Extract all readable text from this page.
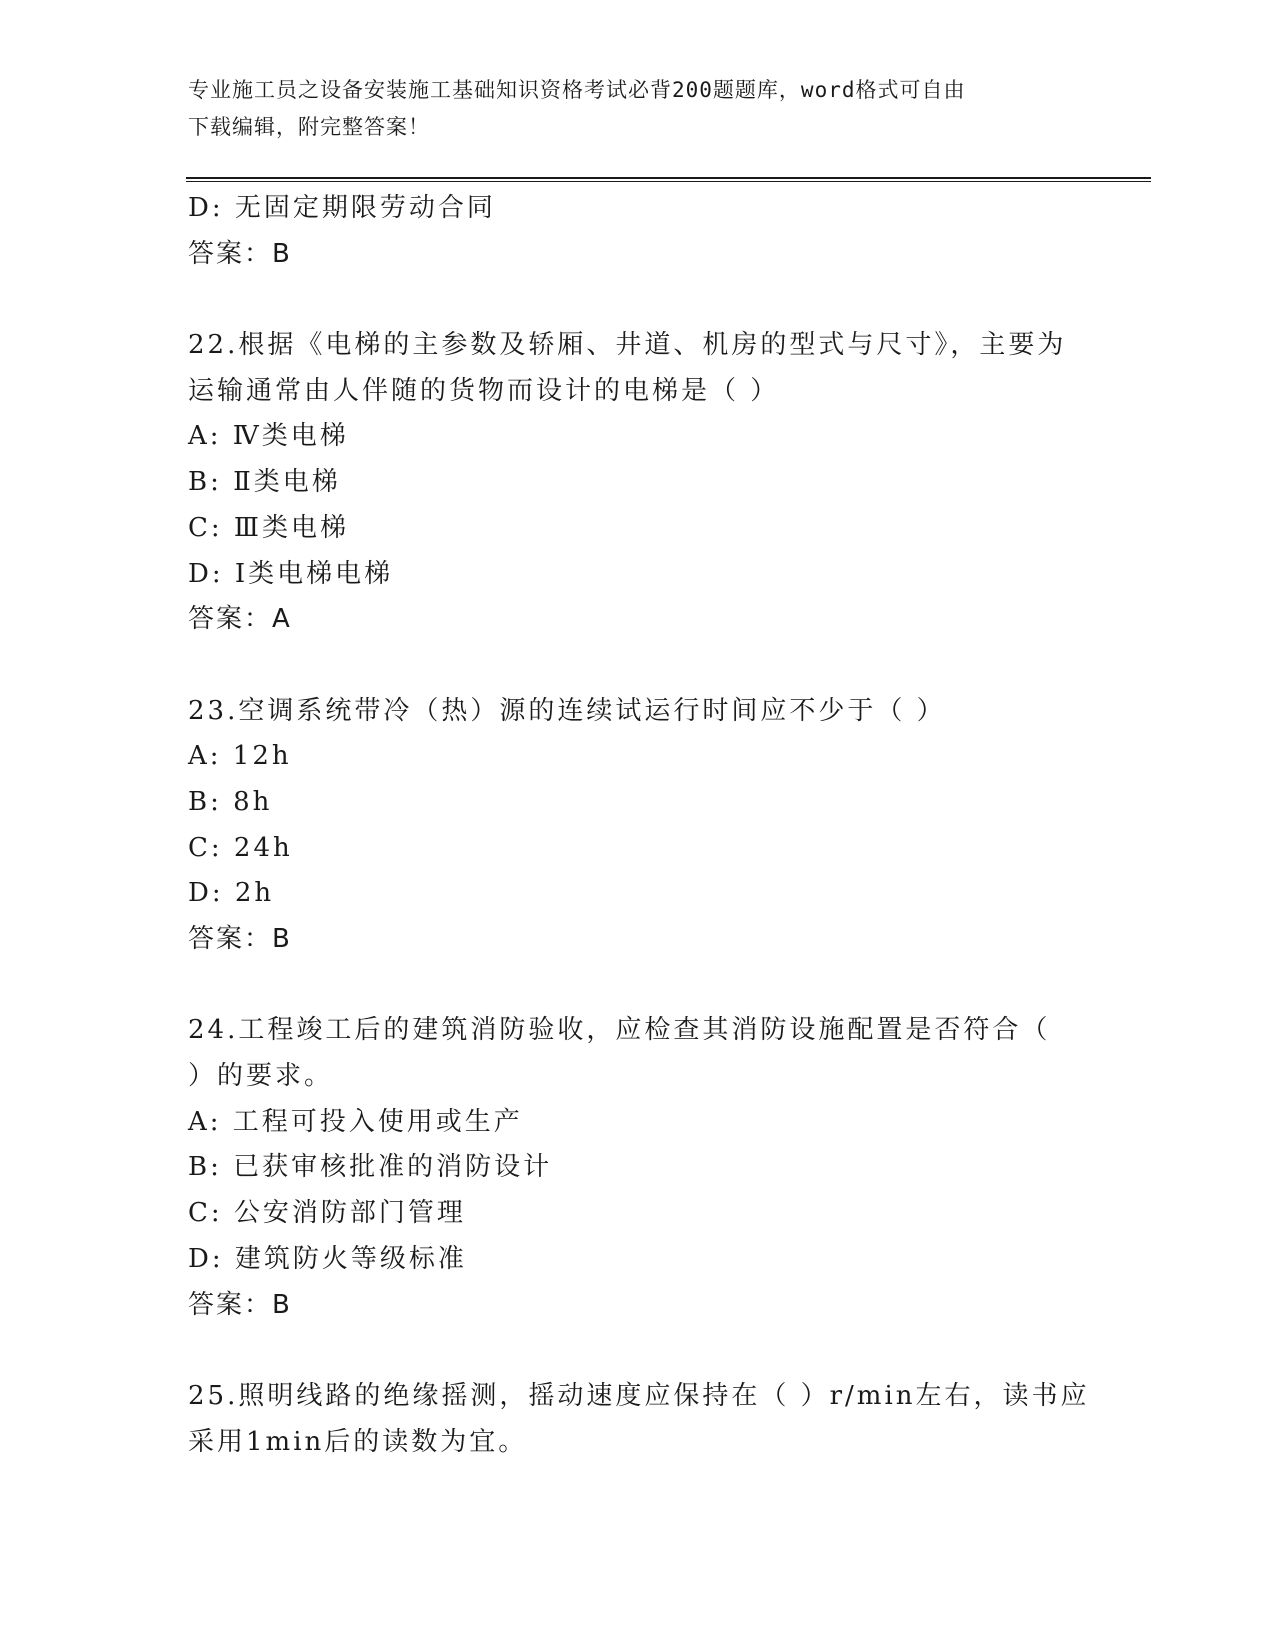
专业施工员之设备安装施工基础知识资格考试必背200题题库，word格式可自由
下载编辑，附完整答案！
D: 无固定期限劳动合同
答案：B
22.根据《电梯的主参数及轿厢、井道、机房的型式与尺寸》，主要为
运输通常由人伴随的货物而设计的电梯是（ ）
A: Ⅳ类电梯
B: Ⅱ类电梯
C: Ⅲ类电梯
D: Ⅰ类电梯电梯
答案：A
23.空调系统带冷（热）源的连续试运行时间应不少于（ ）
A: 12h
B: 8h
C: 24h
D: 2h
答案：B
24.工程竣工后的建筑消防验收，应检查其消防设施配置是否符合（
）的要求。
A: 工程可投入使用或生产
B: 已获审核批准的消防设计
C: 公安消防部门管理
D: 建筑防火等级标准
答案：B
25.照明线路的绝缘摇测，摇动速度应保持在（ ）r/min左右，读书应
采用1min后的读数为宜。
